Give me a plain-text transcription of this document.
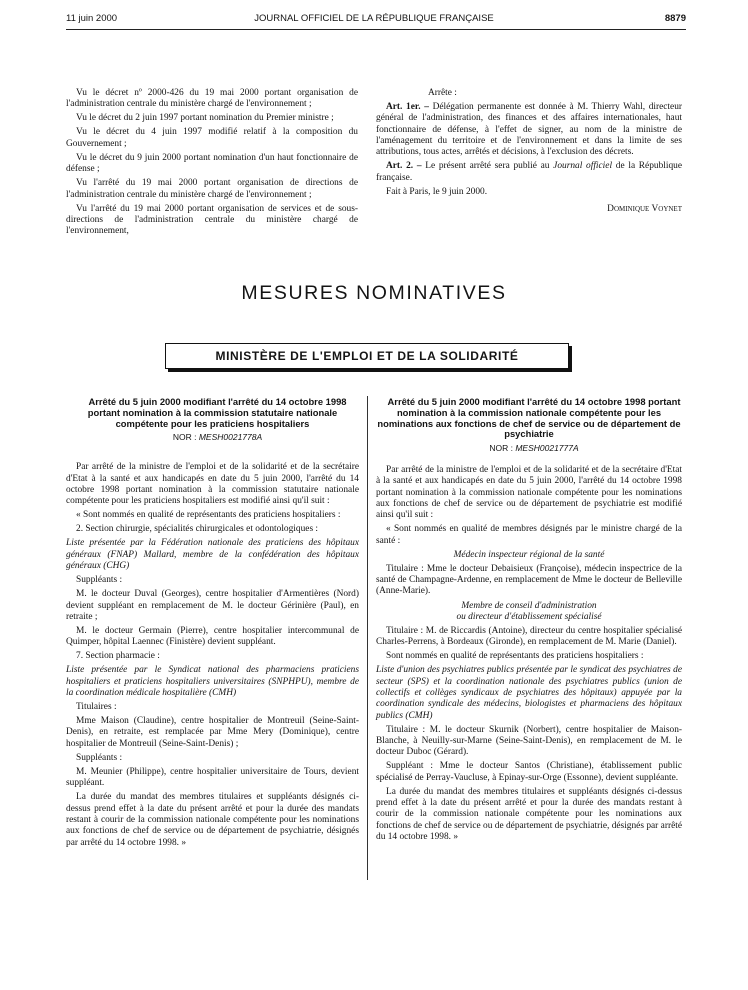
11 juin 2000	JOURNAL OFFICIEL DE LA RÉPUBLIQUE FRANÇAISE	8879

Vu le décret nº 2000-426 du 19 mai 2000 portant organisation de l'administration centrale du ministère chargé de l'environnement ;

Vu le décret du 2 juin 1997 portant nomination du Premier ministre ;

Vu le décret du 4 juin 1997 modifié relatif à la composition du Gouvernement ;

Vu le décret du 9 juin 2000 portant nomination d'un haut fonctionnaire de défense ;

Vu l'arrêté du 19 mai 2000 portant organisation de directions de l'administration centrale du ministère chargé de l'environnement ;

Vu l'arrêté du 19 mai 2000 portant organisation de services et de sous-directions de l'administration centrale du ministère chargé de l'environnement,

Arrête :

Art. 1er. – Délégation permanente est donnée à M. Thierry Wahl, directeur général de l'administration, des finances et des affaires internationales, haut fonctionnaire de défense, à l'effet de signer, au nom de la ministre de l'aménagement du territoire et de l'environnement et dans la limite de ses attributions, tous actes, arrêtés et décisions, à l'exclusion des décrets.

Art. 2. – Le présent arrêté sera publié au Journal officiel de la République française.

Fait à Paris, le 9 juin 2000.

Dominique Voynet

MESURES NOMINATIVES
MINISTÈRE DE L'EMPLOI ET DE LA SOLIDARITÉ

Arrêté du 5 juin 2000 modifiant l'arrêté du 14 octobre 1998 portant nomination à la commission statutaire nationale compétente pour les praticiens hospitaliers

NOR : MESH0021778A

Par arrêté de la ministre de l'emploi et de la solidarité et de la secrétaire d'Etat à la santé et aux handicapés en date du 5 juin 2000, l'arrêté du 14 octobre 1998 portant nomination à la commission statutaire nationale compétente pour les praticiens hospitaliers est modifié ainsi qu'il suit :

« Sont nommés en qualité de représentants des praticiens hospitaliers :

2. Section chirurgie, spécialités chirurgicales et odontologiques :

Liste présentée par la Fédération nationale des praticiens des hôpitaux généraux (FNAP) Mallard, membre de la confédération des hôpitaux généraux (CHG)

Suppléants :

M. le docteur Duval (Georges), centre hospitalier d'Armentières (Nord) devient suppléant en remplacement de M. le docteur Gérinière (Paul), en retraite ;

M. le docteur Germain (Pierre), centre hospitalier intercommunal de Quimper, hôpital Laennec (Finistère) devient suppléant.

7. Section pharmacie :

Liste présentée par le Syndicat national des pharmaciens praticiens hospitaliers et praticiens hospitaliers universitaires (SNPHPU), membre de la coordination médicale hospitalière (CMH)

Titulaires :

Mme Maison (Claudine), centre hospitalier de Montreuil (Seine-Saint-Denis), en retraite, est remplacée par Mme Mery (Dominique), centre hospitalier de Montreuil (Seine-Saint-Denis) ;

Suppléants :

M. Meunier (Philippe), centre hospitalier universitaire de Tours, devient suppléant.

La durée du mandat des membres titulaires et suppléants désignés ci-dessus prend effet à la date du présent arrêté et pour la durée des mandats restant à courir de la commission nationale compétente pour les nominations aux fonctions de chef de service ou de département de psychiatrie, désignés par arrêté du 14 octobre 1998. »

Arrêté du 5 juin 2000 modifiant l'arrêté du 14 octobre 1998 portant nomination à la commission nationale compétente pour les nominations aux fonctions de chef de service ou de département de psychiatrie

NOR : MESH0021777A

Par arrêté de la ministre de l'emploi et de la solidarité et de la secrétaire d'Etat à la santé et aux handicapés en date du 5 juin 2000, l'arrêté du 14 octobre 1998 portant nomination à la commission nationale compétente pour les nominations aux fonctions de chef de service ou de département de psychiatrie est modifié ainsi qu'il suit :

« Sont nommés en qualité de membres désignés par le ministre chargé de la santé :

Médecin inspecteur régional de la santé

Titulaire : Mme le docteur Debaisieux (Françoise), médecin inspectrice de la santé de Champagne-Ardenne, en remplacement de Mme le docteur de Belleville (Anne-Marie).

Membre de conseil d'administration

ou directeur d'établissement spécialisé

Titulaire : M. de Riccardis (Antoine), directeur du centre hospitalier spécialisé Charles-Perrens, à Bordeaux (Gironde), en remplacement de M. Marie (Daniel).

Sont nommés en qualité de représentants des praticiens hospitaliers :

Liste d'union des psychiatres publics présentée par le syndicat des psychiatres de secteur (SPS) et la coordination nationale des psychiatres publics (union de collectifs et collèges syndicaux de psychiatres des hôpitaux) appuyée par la coordination syndicale des médecins, biologistes et pharmaciens des hôpitaux publics (CMH)

Titulaire : M. le docteur Skurnik (Norbert), centre hospitalier de Maison-Blanche, à Neuilly-sur-Marne (Seine-Saint-Denis), en remplacement de M. le docteur Duboc (Gérard).

Suppléant : Mme le docteur Santos (Christiane), établissement public spécialisé de Perray-Vaucluse, à Epinay-sur-Orge (Essonne), devient suppléante.

La durée du mandat des membres titulaires et suppléants désignés ci-dessus prend effet à la date du présent arrêté et pour la durée des mandats restant à courir de la commission nationale compétente pour les nominations aux fonctions de chef de service ou de département de psychiatrie, désignés par arrêté du 14 octobre 1998. »
